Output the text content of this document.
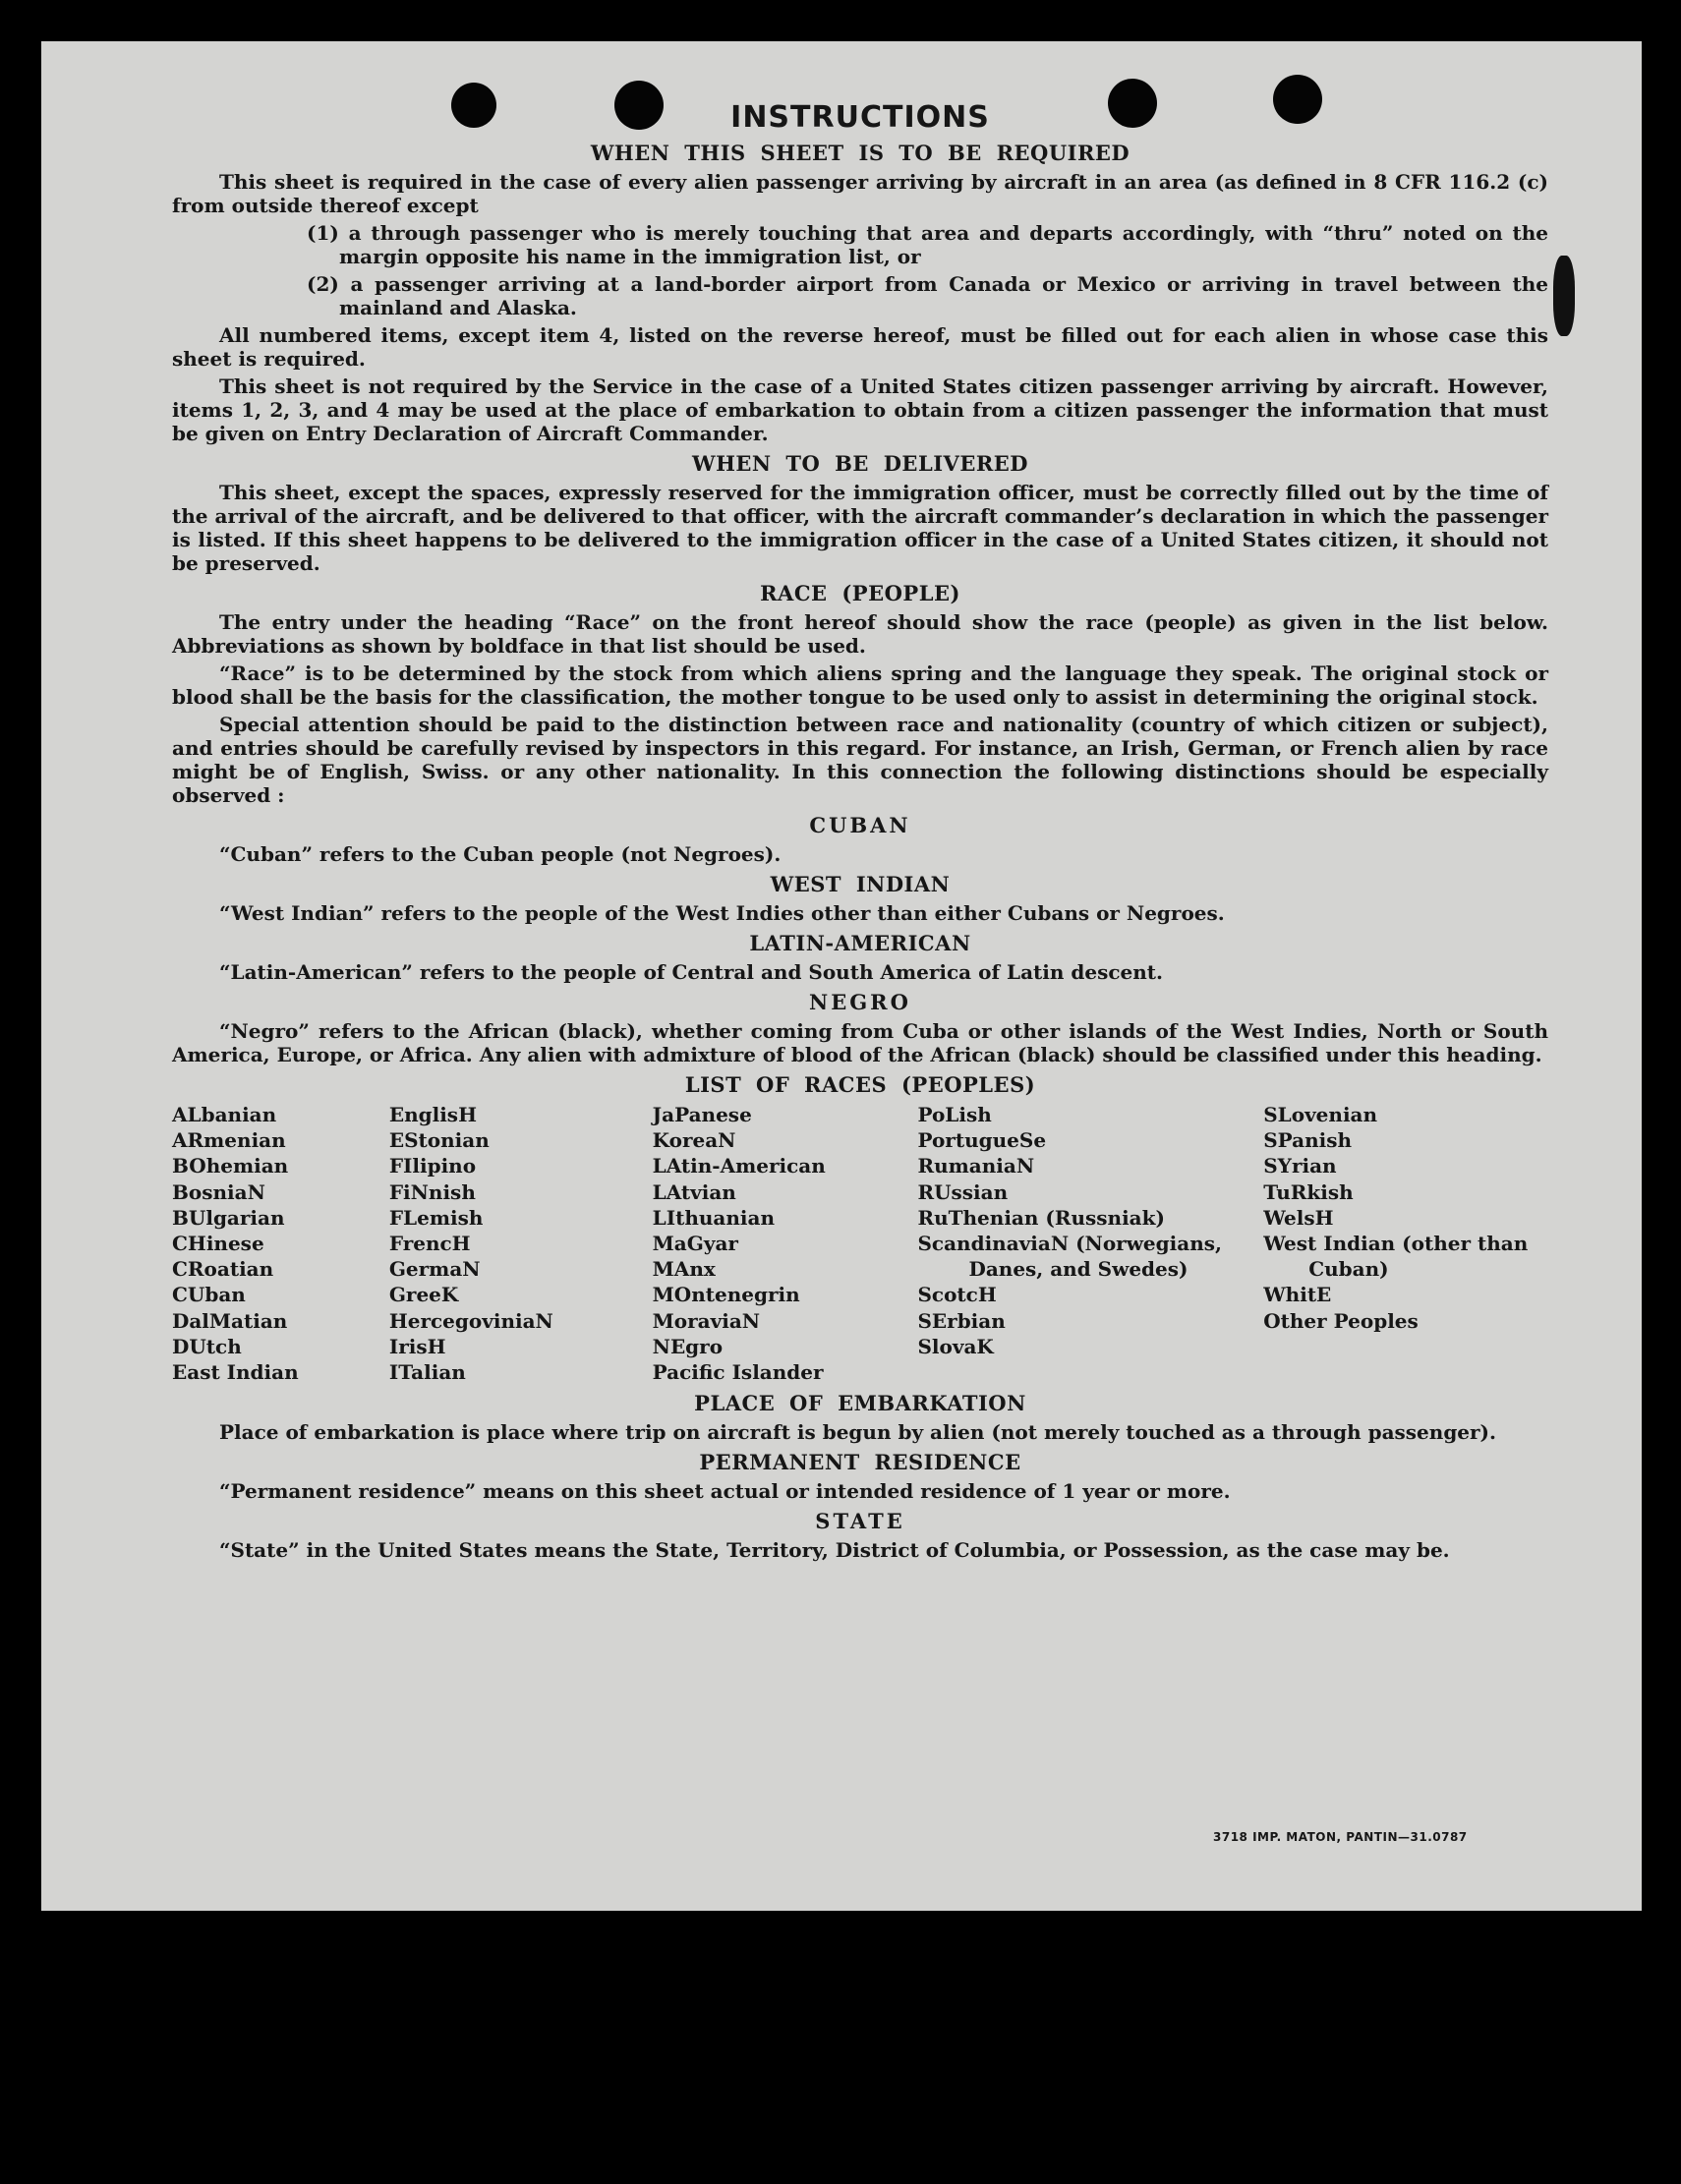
INSTRUCTIONS
WHEN THIS SHEET IS TO BE REQUIRED

This sheet is required in the case of every alien passenger arriving by aircraft in an area (as defined in 8 CFR 116.2 (c) from outside thereof except

(1) a through passenger who is merely touching that area and departs accordingly, with “thru” noted on the margin opposite his name in the immigration list, or

(2) a passenger arriving at a land-border airport from Canada or Mexico or arriving in travel between the mainland and Alaska.

All numbered items, except item 4, listed on the reverse hereof, must be filled out for each alien in whose case this sheet is required.

This sheet is not required by the Service in the case of a United States citizen passenger arriving by aircraft. However, items 1, 2, 3, and 4 may be used at the place of embarkation to obtain from a citizen passenger the information that must be given on Entry Declaration of Aircraft Commander.

WHEN TO BE DELIVERED

This sheet, except the spaces, expressly reserved for the immigration officer, must be correctly filled out by the time of the arrival of the aircraft, and be delivered to that officer, with the aircraft commander’s declaration in which the passenger is listed. If this sheet happens to be delivered to the immigration officer in the case of a United States citizen, it should not be preserved.

RACE (PEOPLE)

The entry under the heading “Race” on the front hereof should show the race (people) as given in the list below. Abbreviations as shown by boldface in that list should be used.

“Race” is to be determined by the stock from which aliens spring and the language they speak. The original stock or blood shall be the basis for the classification, the mother tongue to be used only to assist in determining the original stock.

Special attention should be paid to the distinction between race and nationality (country of which citizen or subject), and entries should be carefully revised by inspectors in this regard. For instance, an Irish, German, or French alien by race might be of English, Swiss. or any other nationality. In this connection the following distinctions should be especially observed :

CUBAN

“Cuban” refers to the Cuban people (not Negroes).

WEST INDIAN

“West Indian” refers to the people of the West Indies other than either Cubans or Negroes.

LATIN-AMERICAN

“Latin-American” refers to the people of Central and South America of Latin descent.

NEGRO

“Negro” refers to the African (black), whether coming from Cuba or other islands of the West Indies, North or South America, Europe, or Africa. Any alien with admixture of blood of the African (black) should be classified under this heading.

LIST OF RACES (PEOPLES)
ALbanian
ARmenian
BOhemian
BosniaN
BUlgarian
CHinese
CRoatian
CUban
DalMatian
DUtch
East Indian
EnglisH
EStonian
FIlipino
FiNnish
FLemish
FrencH
GermaN
GreeK
HercegoviniaN
IrisH
ITalian
JaPanese
KoreaN
LAtin-American
LAtvian
LIthuanian
MaGyar
MAnx
MOntenegrin
MoraviaN
NEgro
Pacific Islander
PoLish
PortugueSe
RumaniaN
RUssian
RuThenian (Russniak)
ScandinaviaN (Norwegians, Danes, and Swedes)
ScotcH
SErbian
SlovaK
SLovenian
SPanish
SYrian
TuRkish
WelsH
West Indian (other than Cuban)
WhitE
Other Peoples
PLACE OF EMBARKATION

Place of embarkation is place where trip on aircraft is begun by alien (not merely touched as a through passenger).

PERMANENT RESIDENCE

“Permanent residence” means on this sheet actual or intended residence of 1 year or more.

STATE

“State” in the United States means the State, Territory, District of Columbia, or Possession, as the case may be.

3718 IMP. MATON, PANTIN—31.0787
